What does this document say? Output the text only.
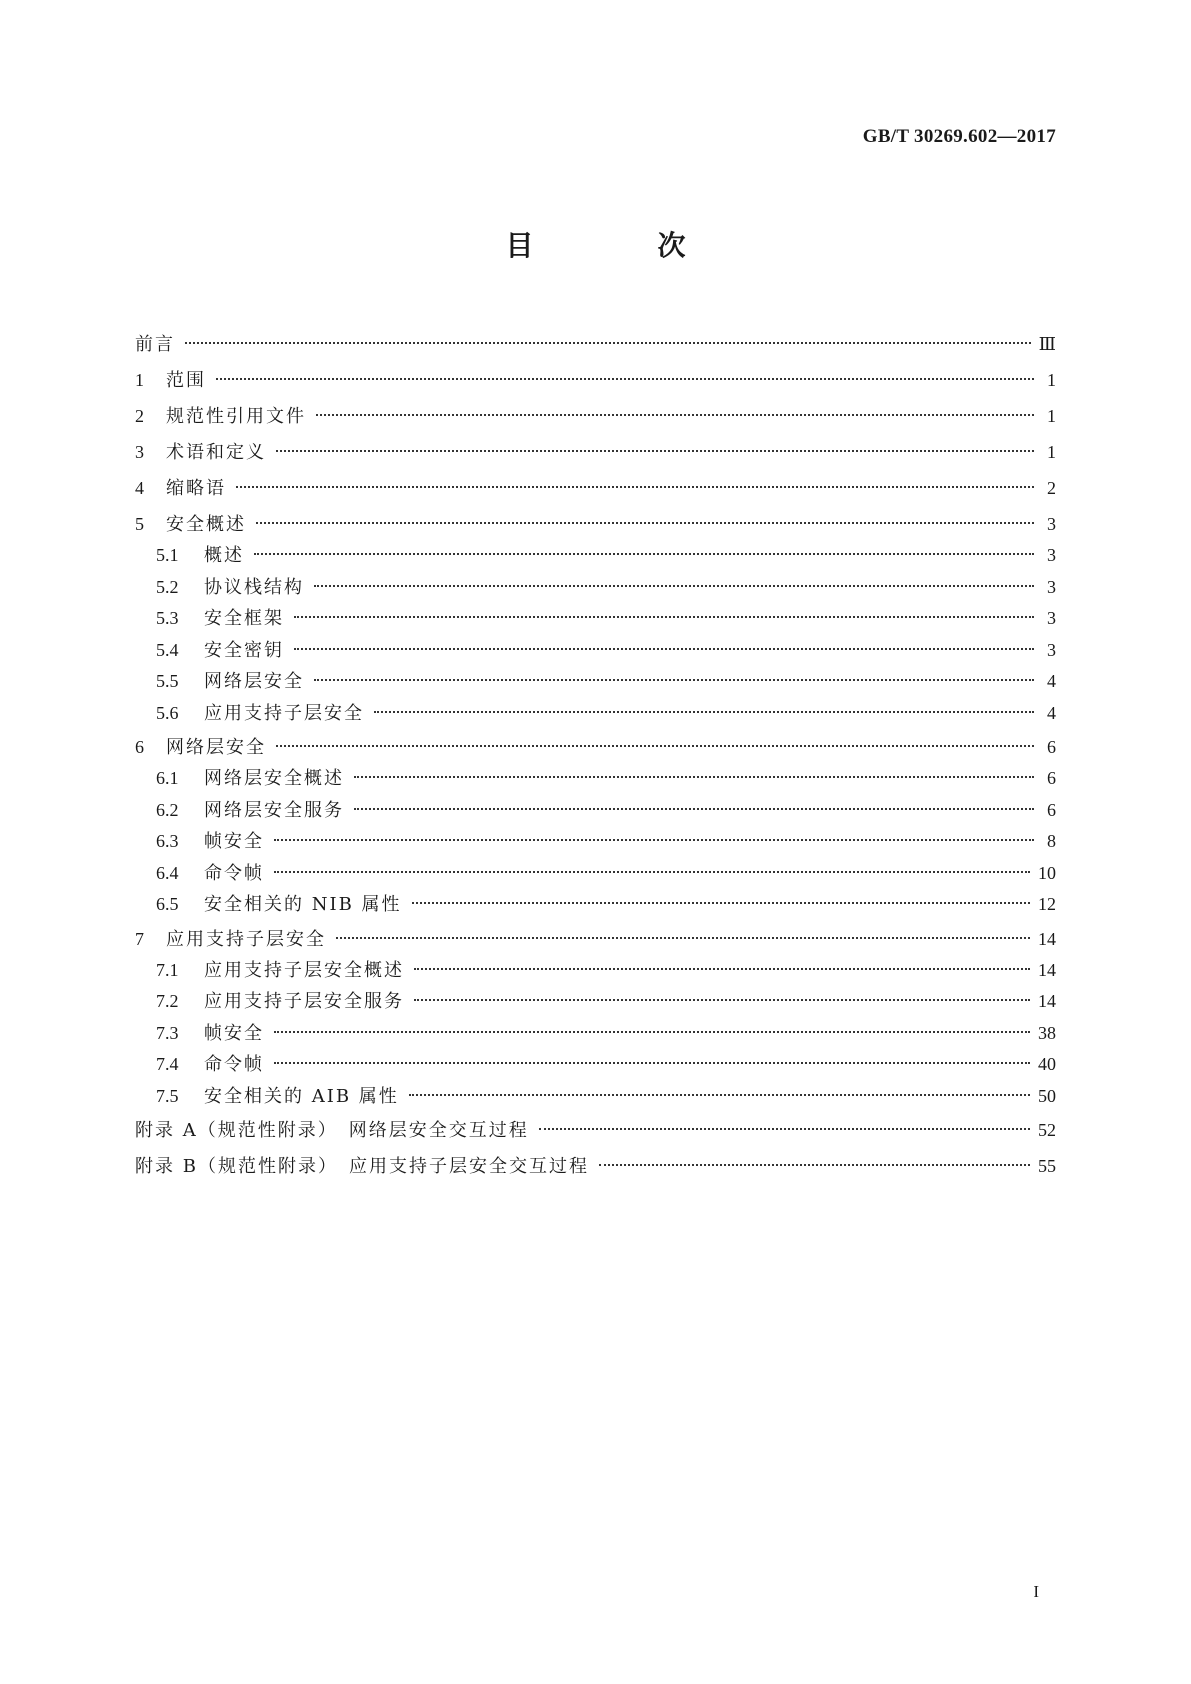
GB/T 30269.602—2017
目　次
前言	Ⅲ
1	范围	1
2	规范性引用文件	1
3	术语和定义	1
4	缩略语	2
5	安全概述	3
5.1	概述	3
5.2	协议栈结构	3
5.3	安全框架	3
5.4	安全密钥	3
5.5	网络层安全	4
5.6	应用支持子层安全	4
6	网络层安全	6
6.1	网络层安全概述	6
6.2	网络层安全服务	6
6.3	帧安全	8
6.4	命令帧	10
6.5	安全相关的 NIB 属性	12
7	应用支持子层安全	14
7.1	应用支持子层安全概述	14
7.2	应用支持子层安全服务	14
7.3	帧安全	38
7.4	命令帧	40
7.5	安全相关的 AIB 属性	50
附录 A（规范性附录）　网络层安全交互过程	52
附录 B（规范性附录）　应用支持子层安全交互过程	55
I
